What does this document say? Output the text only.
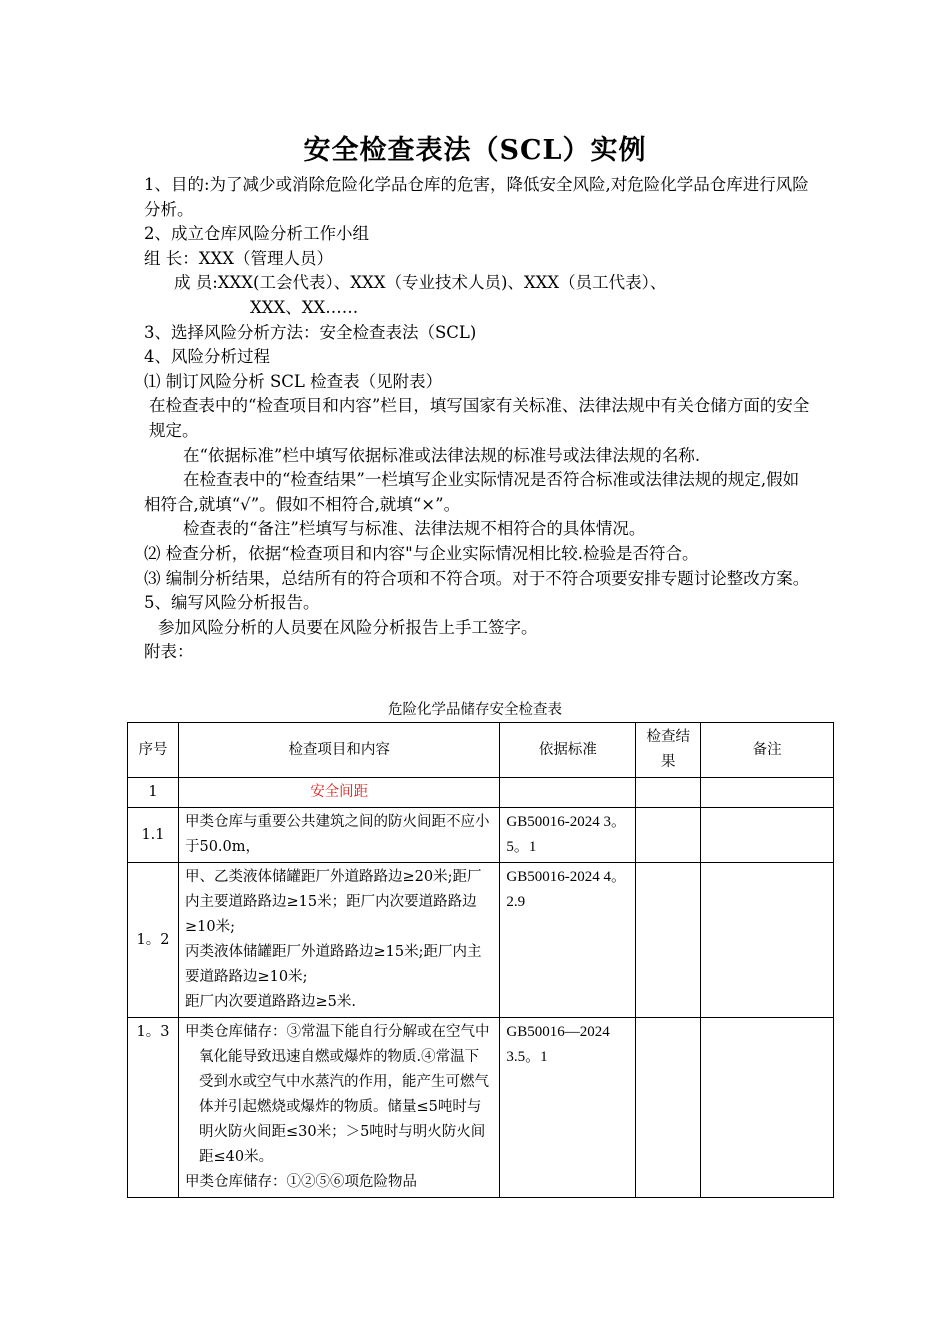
安全检查表法（SCL）实例

1、目的:为了减少或消除危险化学品仓库的危害，降低安全风险,对危险化学品仓库进行风险分析。

2、成立仓库风险分析工作小组

组 长：XXX（管理人员）

成 员:XXX(工会代表）、XXX（专业技术人员)、XXX（员工代表）、

XXX、XX……

3、选择风险分析方法：安全检查表法（SCL)

4、风险分析过程

⑴ 制订风险分析 SCL 检查表（见附表）

在检查表中的“检查项目和内容”栏目，填写国家有关标准、法律法规中有关仓储方面的安全规定。

在“依据标准”栏中填写依据标准或法律法规的标准号或法律法规的名称.

在检查表中的“检查结果”一栏填写企业实际情况是否符合标准或法律法规的规定,假如相符合,就填“√”。假如不相符合,就填“×”。

检查表的“备注”栏填写与标准、法律法规不相符合的具体情况。

⑵ 检查分析，依据“检查项目和内容"与企业实际情况相比较.检验是否符合。

⑶ 编制分析结果，总结所有的符合项和不符合项。对于不符合项要安排专题讨论整改方案。

5、编写风险分析报告。

参加风险分析的人员要在风险分析报告上手工签字。

附表：

危险化学品储存安全检查表
序号	检查项目和内容	依据标准	检查结果	备注
1	安全间距			
1.1	甲类仓库与重要公共建筑之间的防火间距不应小于50.0m，	GB50016-2024 3。5。1		
1。2	甲、乙类液体储罐距厂外道路路边≥20米;距厂内主要道路路边≥15米；距厂内次要道路路边≥10米;
丙类液体储罐距厂外道路路边≥15米;距厂内主要道路路边≥10米;
距厂内次要道路路边≥5米.	GB50016-2024 4。2.9		
1。3	甲类仓库储存：③常温下能自行分解或在空气中氧化能导致迅速自燃或爆炸的物质.④常温下受到水或空气中水蒸汽的作用，能产生可燃气体并引起燃烧或爆炸的物质。储量≤5吨时与明火防火间距≤30米；＞5吨时与明火防火间距≤40米。
甲类仓库储存：①②⑤⑥项危险物品	GB50016—2024 3.5。1		
